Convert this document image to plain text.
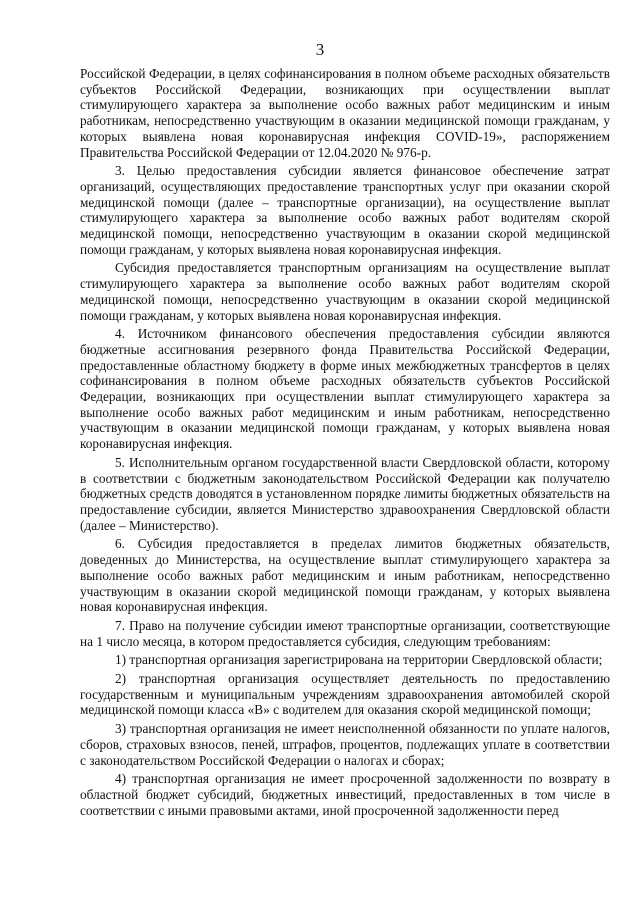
3

Российской Федерации, в целях софинансирования в полном объеме расходных обязательств субъектов Российской Федерации, возникающих при осуществлении выплат стимулирующего характера за выполнение особо важных работ медицинским и иным работникам, непосредственно участвующим в оказании медицинской помощи гражданам, у которых выявлена новая коронавирусная инфекция COVID-19», распоряжением Правительства Российской Федерации от 12.04.2020 № 976-р.

3. Целью предоставления субсидии является финансовое обеспечение затрат организаций, осуществляющих предоставление транспортных услуг при оказании скорой медицинской помощи (далее – транспортные организации), на осуществление выплат стимулирующего характера за выполнение особо важных работ водителям скорой медицинской помощи, непосредственно участвующим в оказании скорой медицинской помощи гражданам, у которых выявлена новая коронавирусная инфекция.

Субсидия предоставляется транспортным организациям на осуществление выплат стимулирующего характера за выполнение особо важных работ водителям скорой медицинской помощи, непосредственно участвующим в оказании скорой медицинской помощи гражданам, у которых выявлена новая коронавирусная инфекция.

4. Источником финансового обеспечения предоставления субсидии являются бюджетные ассигнования резервного фонда Правительства Российской Федерации, предоставленные областному бюджету в форме иных межбюджетных трансфертов в целях софинансирования в полном объеме расходных обязательств субъектов Российской Федерации, возникающих при осуществлении выплат стимулирующего характера за выполнение особо важных работ медицинским и иным работникам, непосредственно участвующим в оказании медицинской помощи гражданам, у которых выявлена новая коронавирусная инфекция.

5. Исполнительным органом государственной власти Свердловской области, которому в соответствии с бюджетным законодательством Российской Федерации как получателю бюджетных средств доводятся в установленном порядке лимиты бюджетных обязательств на предоставление субсидии, является Министерство здравоохранения Свердловской области (далее – Министерство).

6. Субсидия предоставляется в пределах лимитов бюджетных обязательств, доведенных до Министерства, на осуществление выплат стимулирующего характера за выполнение особо важных работ медицинским и иным работникам, непосредственно участвующим в оказании скорой медицинской помощи гражданам, у которых выявлена новая коронавирусная инфекция.

7. Право на получение субсидии имеют транспортные организации, соответствующие на 1 число месяца, в котором предоставляется субсидия, следующим требованиям:

1) транспортная организация зарегистрирована на территории Свердловской области;

2) транспортная организация осуществляет деятельность по предоставлению государственным и муниципальным учреждениям здравоохранения автомобилей скорой медицинской помощи класса «В» с водителем для оказания скорой медицинской помощи;

3) транспортная организация не имеет неисполненной обязанности по уплате налогов, сборов, страховых взносов, пеней, штрафов, процентов, подлежащих уплате в соответствии с законодательством Российской Федерации о налогах и сборах;

4) транспортная организация не имеет просроченной задолженности по возврату в областной бюджет субсидий, бюджетных инвестиций, предоставленных в том числе в соответствии с иными правовыми актами, иной просроченной задолженности перед
